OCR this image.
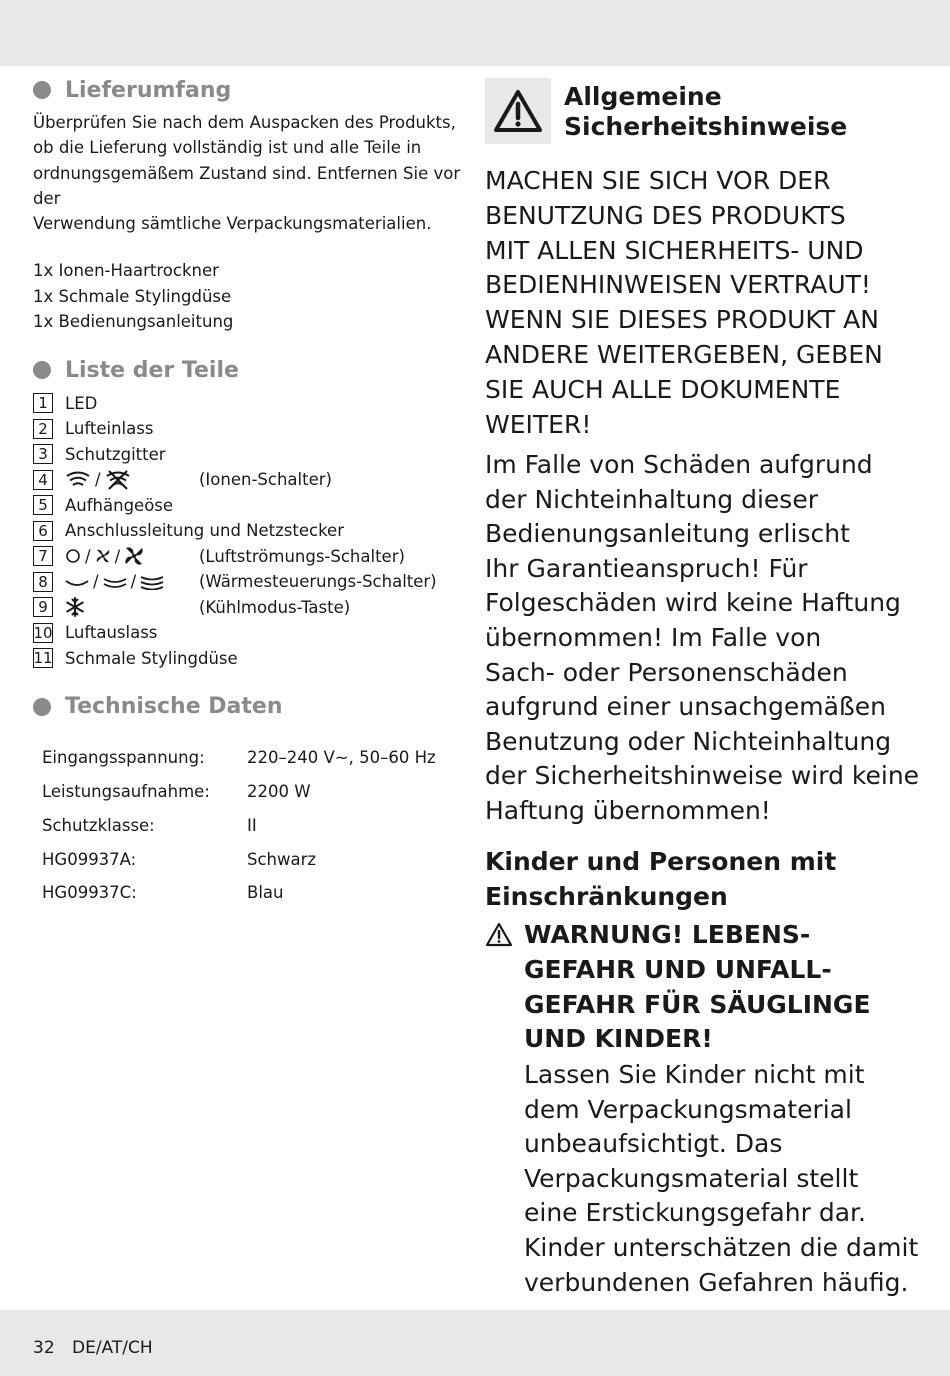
Lieferumfang
Überprüfen Sie nach dem Auspacken des Produkts,
ob die Lieferung vollständig ist und alle Teile in
ordnungsgemäßem Zustand sind. Entfernen Sie vor der
Verwendung sämtliche Verpackungsmaterialien.
1x Ionen-Haartrockner
1x Schmale Stylingdüse
1x Bedienungsanleitung
Liste der Teile
1	LED
2	Lufteinlass
3	Schutzgitter
4	/	(Ionen-Schalter)
5	Aufhängeöse
6	Anschlussleitung und Netzstecker
7	/ /	(Luftströmungs-Schalter)
8	/ /	(Wärmesteuerungs-Schalter)
9	(Kühlmodus-Taste)
10 Luftauslass
11 Schmale Stylingdüse
Technische Daten
Eingangsspannung:	220–240 V∼, 50–60 Hz
Leistungsaufnahme:	2200 W
Schutzklasse:	II
HG09937A:	Schwarz
HG09937C:	Blau
Allgemeine
Sicherheitshinweise
MACHEN SIE SICH VOR DER
BENUTZUNG DES PRODUKTS
MIT ALLEN SICHERHEITS- UND
BEDIENHINWEISEN VERTRAUT!
WENN SIE DIESES PRODUKT AN
ANDERE WEITERGEBEN, GEBEN
SIE AUCH ALLE DOKUMENTE
WEITER!
Im Falle von Schäden aufgrund
der Nichteinhaltung dieser
Bedienungsanleitung erlischt
Ihr Garantieanspruch! Für
Folgeschäden wird keine Haftung
übernommen! Im Falle von
Sach- oder Personenschäden
aufgrund einer unsachgemäßen
Benutzung oder Nichteinhaltung
der Sicherheitshinweise wird keine
Haftung übernommen!
Kinder und Personen mit
Einschränkungen
WARNUNG! LEBENS-
GEFAHR UND UNFALL-
GEFAHR FÜR SÄUGLINGE
UND KINDER!
Lassen Sie Kinder nicht mit
dem Verpackungsmaterial
unbeaufsichtigt. Das
Verpackungsmaterial stellt
eine Erstickungsgefahr dar.
Kinder unterschätzen die damit
verbundenen Gefahren häufig.
32 DE/AT/CH
